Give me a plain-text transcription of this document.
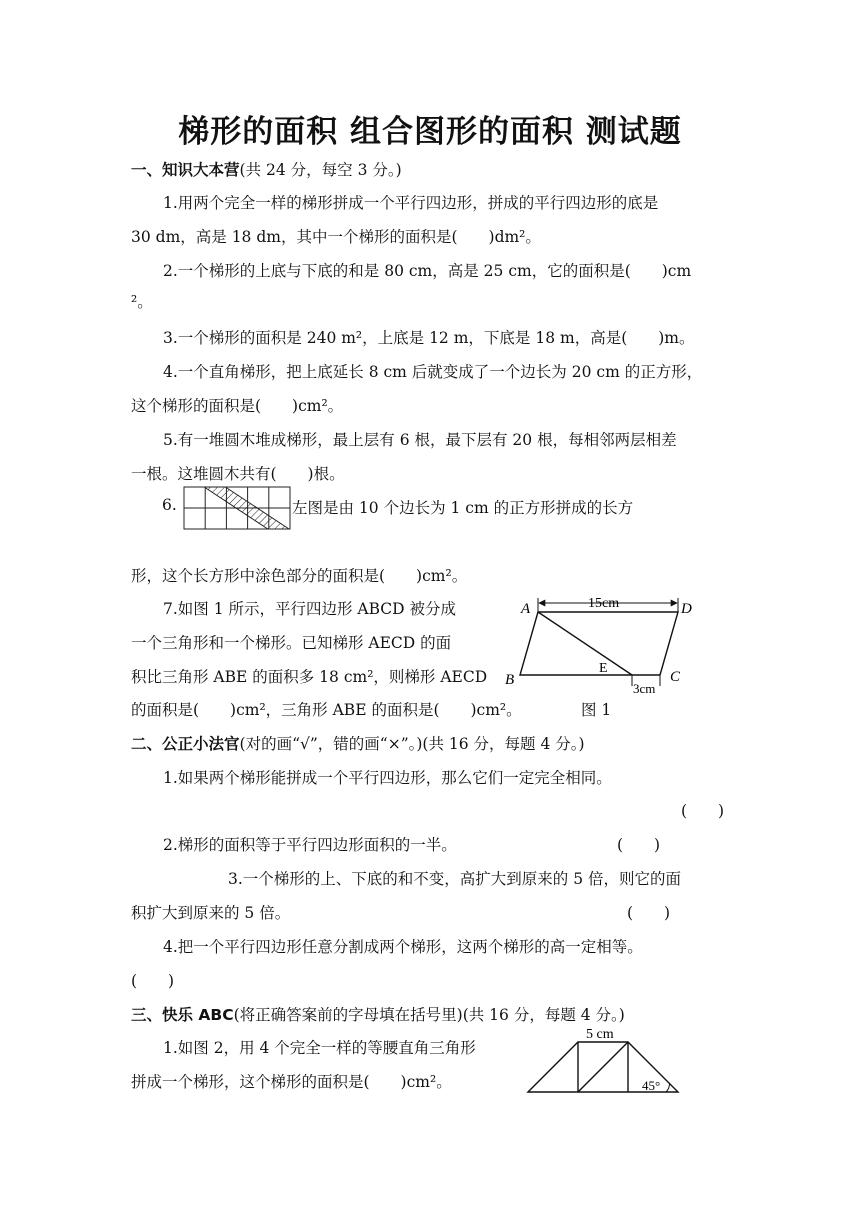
梯形的面积 组合图形的面积 测试题
一、知识大本营(共 24 分，每空 3 分。)
1.用两个完全一样的梯形拼成一个平行四边形，拼成的平行四边形的底是
30 dm，高是 18 dm，其中一个梯形的面积是(　　)dm²。
2.一个梯形的上底与下底的和是 80 cm，高是 25 cm，它的面积是(　　)cm
²。
3.一个梯形的面积是 240 m²，上底是 12 m，下底是 18 m，高是(　　)m。
4.一个直角梯形，把上底延长 8 cm 后就变成了一个边长为 20 cm 的正方形，
这个梯形的面积是(　　)cm²。
5.有一堆圆木堆成梯形，最上层有 6 根，最下层有 20 根，每相邻两层相差
一根。这堆圆木共有(　　)根。
6.	左图是由 10 个边长为 1 cm 的正方形拼成的长方
形，这个长方形中涂色部分的面积是(　　)cm²。
7.如图 1 所示，平行四边形 ABCD 被分成
一个三角形和一个梯形。已知梯形 AECD 的面
积比三角形 ABE 的面积多 18 cm²，则梯形 AECD
的面积是(　　)cm²，三角形 ABE 的面积是(　　)cm²。	图 1
15cm
3cm
A	D
B	C
E
二、公正小法官(对的画“√”，错的画“×”。)(共 16 分，每题 4 分。)
1.如果两个梯形能拼成一个平行四边形，那么它们一定完全相同。
(　　)
2.梯形的面积等于平行四边形面积的一半。	(　　)
3.一个梯形的上、下底的和不变，高扩大到原来的 5 倍，则它的面
积扩大到原来的 5 倍。	(　　)
4.把一个平行四边形任意分割成两个梯形，这两个梯形的高一定相等。
(　　)
三、快乐 ABC(将正确答案前的字母填在括号里)(共 16 分，每题 4 分。)
1.如图 2，用 4 个完全一样的等腰直角三角形
拼成一个梯形，这个梯形的面积是(　　)cm²。
5 cm
45°
